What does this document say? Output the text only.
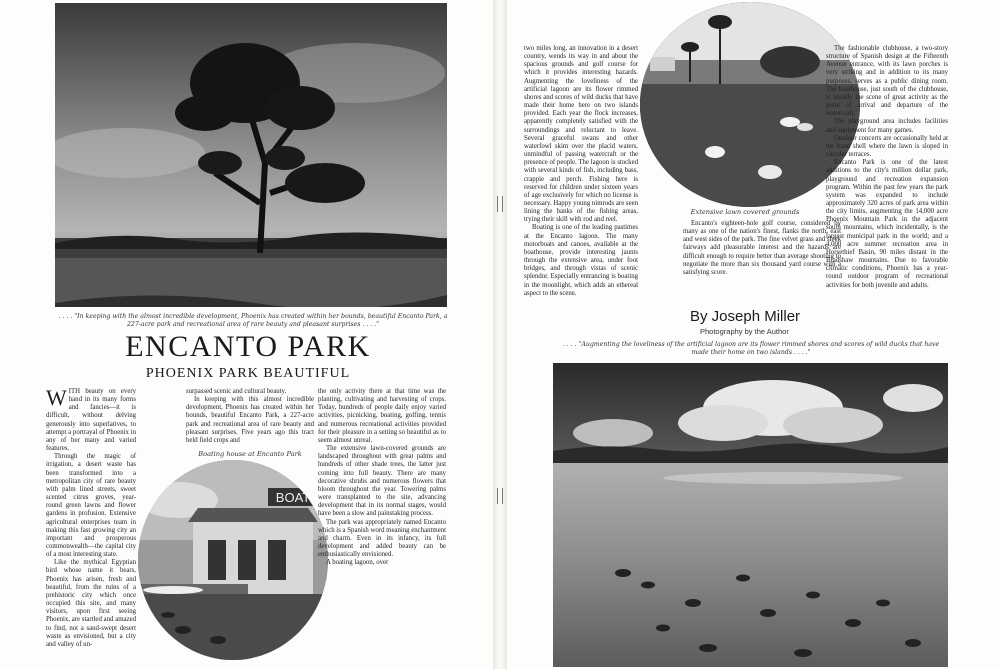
. . . . "In keeping with the almost incredible development, Phoenix has created within her bounds, beautiful Encanto Park, a 227-acre park and recreational area of rare beauty and pleasant surprises . . . ."
ENCANTO PARK
PHOENIX PARK BEAUTIFUL

WITH beauty on every hand in its many forms and fancies—it is difficult, without delving generously into superlatives, to attempt a portrayal of Phoenix in any of her many and varied features.

Through the magic of irrigation, a desert waste has been transformed into a metropolitan city of rare beauty with palm lined streets, sweet scented citrus groves, year-round green lawns and flower gardens in profusion. Extensive agricultural enterprises team in making this fast growing city an important and prosperous commonwealth—the capital city of a most interesting state.

Like the mythical Egyptian bird whose name it bears, Phoenix has arisen, fresh and beautiful, from the ruins of a prehistoric city which once occupied this site, and many visitors, upon first seeing Phoenix, are startled and amazed to find, not a sand-swept desert waste as envisioned, but a city and valley of un-

surpassed scenic and cultural beauty.

In keeping with this almost incredible development, Phoenix has created within her bounds, beautiful Encanto Park, a 227-acre park and recreational area of rare beauty and pleasant surprises. Five years ago this tract held field crops and

Boating house at Encanto Park
BOAT

the only activity there at that time was the planting, cultivating and harvesting of crops. Today, hundreds of people daily enjoy varied activities, picnicking, boating, golfing, tennis and numerous recreational activities provided for their pleasure in a setting so beautiful as to seem almost unreal.

The extensive lawn-covered grounds are landscaped throughout with great palms and hundreds of other shade trees, the latter just coming into full beauty. There are many decorative shrubs and numerous flowers that bloom throughout the year. Towering palms were transplanted to the site, advancing development that in its normal stages, would have been a slow and painstaking process.

The park was appropriately named Encanto which is a Spanish word meaning enchantment and charm. Even in its infancy, its full development and added beauty can be enthusiastically envisioned.

A boating lagoon, over

Extensive lawn covered grounds

two miles long, an innovation in a desert country, wends its way in and about the spacious grounds and golf course for which it provides interesting hazards. Augmenting the loveliness of the artificial lagoon are its flower rimmed shores and scores of wild ducks that have made their home here on two islands provided. Each year the flock increases, apparently completely satisfied with the surroundings and reluctant to leave. Several graceful swans and other waterfowl skim over the placid waters, unmindful of passing watercraft or the presence of people. The lagoon is stocked with several kinds of fish, including bass, crappie and perch. Fishing here is reserved for children under sixteen years of age exclusively for which no license is necessary. Happy young nimrods are seen lining the banks of the fishing areas, trying their skill with rod and reel.

Boating is one of the leading pastimes at the Encanto lagoon. The many motorboats and canoes, available at the boathouse, provide interesting jaunts through the extensive area, under foot bridges, and through vistas of scenic splendor. Especially entrancing is boating in the moonlight, which adds an ethereal aspect to the scene.

Encanto's eighteen-hole golf course, considered by many as one of the nation's finest, flanks the north, east and west sides of the park. The fine velvet grass and sleek fairways add pleasurable interest and the hazards are difficult enough to require better than average shooting to negotiate the more than six thousand yard course with a satisfying score.

By Joseph Miller
Photography by the Author

The fashionable clubhouse, a two-story structure of Spanish design at the Fifteenth Avenue entrance, with its lawn porches is very striking and in addition to its many purposes, serves as a public dining room. The boathouse, just south of the clubhouse, is usually the scene of great activity as the point of arrival and departure of the watercraft.

The playground area includes facilities and equipment for many games.

Outdoor concerts are occasionally held at the band shell where the lawn is sloped in circular terraces.

Encanto Park is one of the latest additions to the city's million dollar park, playground and recreation expansion program. Within the past few years the park system was expanded to include approximately 320 acres of park area within the city limits, augmenting the 14,000 acre Phoenix Mountain Park in the adjacent south mountains, which incidentally, is the largest municipal park in the world; and a 4,000 acre summer recreation area in Horsethief Basin, 90 miles distant in the Bradshaw mountains. Due to favorable climatic conditions, Phoenix has a year-round outdoor program of recreational activities for both juvenile and adults.

. . . . "Augmenting the loveliness of the artificial lagoon are its flower rimmed shores and scores of wild ducks that have made their home on two islands . . . ."
